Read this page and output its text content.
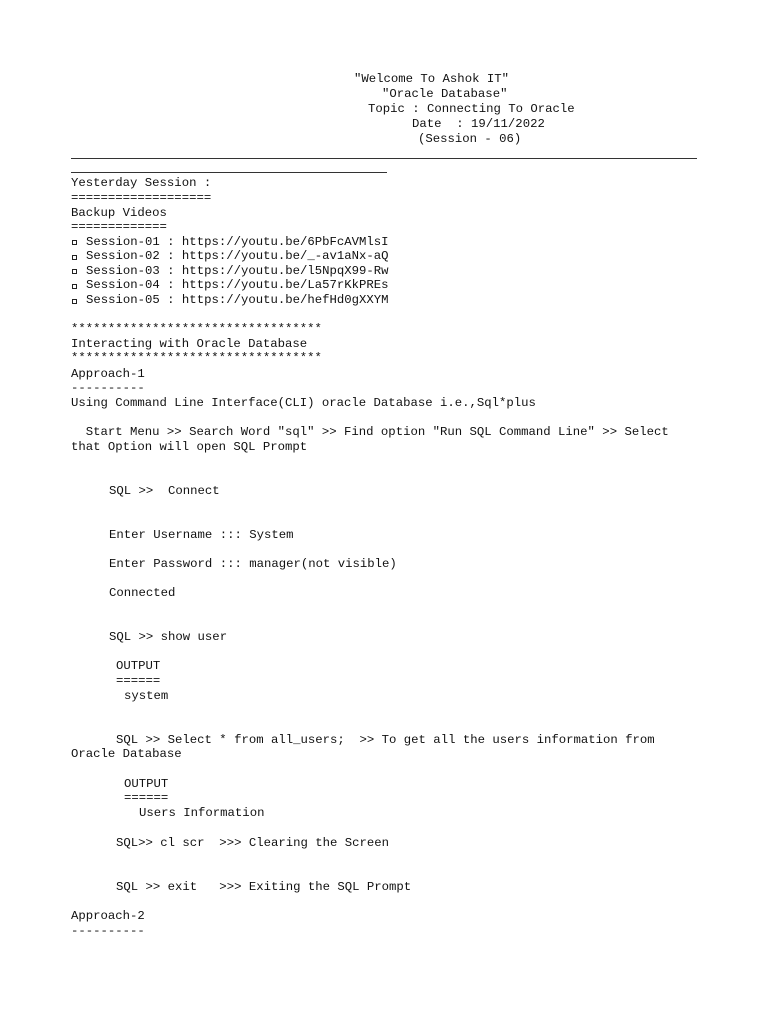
"Welcome To Ashok IT"

"Oracle Database"

Topic : Connecting To Oracle

Date  : 19/11/2022

(Session - 06)

Yesterday Session :

===================

Backup Videos

=============

Session-01 : https://youtu.be/6PbFcAVMlsI

Session-02 : https://youtu.be/_-av1aNx-aQ

Session-03 : https://youtu.be/l5NpqX99-Rw

Session-04 : https://youtu.be/La57rKkPREs

Session-05 : https://youtu.be/hefHd0gXXYM

**********************************

Interacting with Oracle Database

**********************************

Approach-1

----------

Using Command Line Interface(CLI) oracle Database i.e.,Sql*plus

Start Menu >> Search Word "sql" >> Find option "Run SQL Command Line" >> Select

that Option will open SQL Prompt

SQL >>  Connect

Enter Username ::: System

Enter Password ::: manager(not visible)

Connected

SQL >> show user

OUTPUT

======

system

SQL >> Select * from all_users;  >> To get all the users information from

Oracle Database

OUTPUT

======

Users Information

SQL>> cl scr  >>> Clearing the Screen

SQL >> exit   >>> Exiting the SQL Prompt

Approach-2

----------
